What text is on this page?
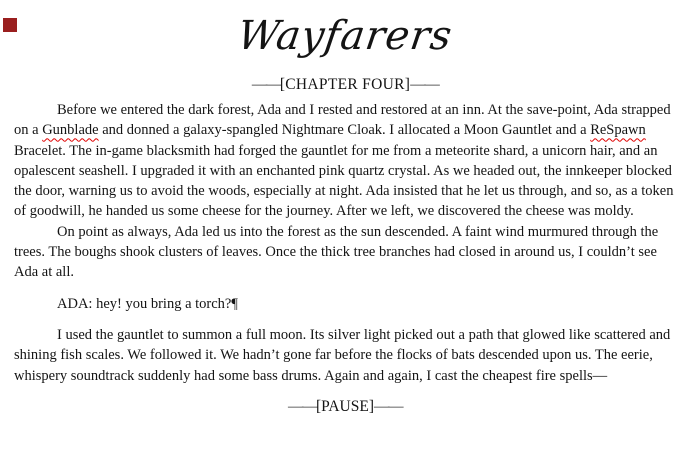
Wayfarers
——[CHAPTER FOUR]——

Before we entered the dark forest, Ada and I rested and restored at an inn. At the save-point, Ada strapped on a Gunblade and donned a galaxy-spangled Nightmare Cloak. I allocated a Moon Gauntlet and a ReSpawn Bracelet. The in-game blacksmith had forged the gauntlet for me from a meteorite shard, a unicorn hair, and an opalescent seashell. I upgraded it with an enchanted pink quartz crystal. As we headed out, the innkeeper blocked the door, warning us to avoid the woods, especially at night. Ada insisted that he let us through, and so, as a token of goodwill, he handed us some cheese for the journey. After we left, we discovered the cheese was moldy.

On point as always, Ada led us into the forest as the sun descended. A faint wind murmured through the trees. The boughs shook clusters of leaves. Once the thick tree branches had closed in around us, I couldn’t see Ada at all.

ADA: hey! you bring a torch?¶

I used the gauntlet to summon a full moon. Its silver light picked out a path that glowed like scattered and shining fish scales. We followed it. We hadn’t gone far before the flocks of bats descended upon us. The eerie, whispery soundtrack suddenly had some bass drums. Again and again, I cast the cheapest fire spells—

——[PAUSE]——
